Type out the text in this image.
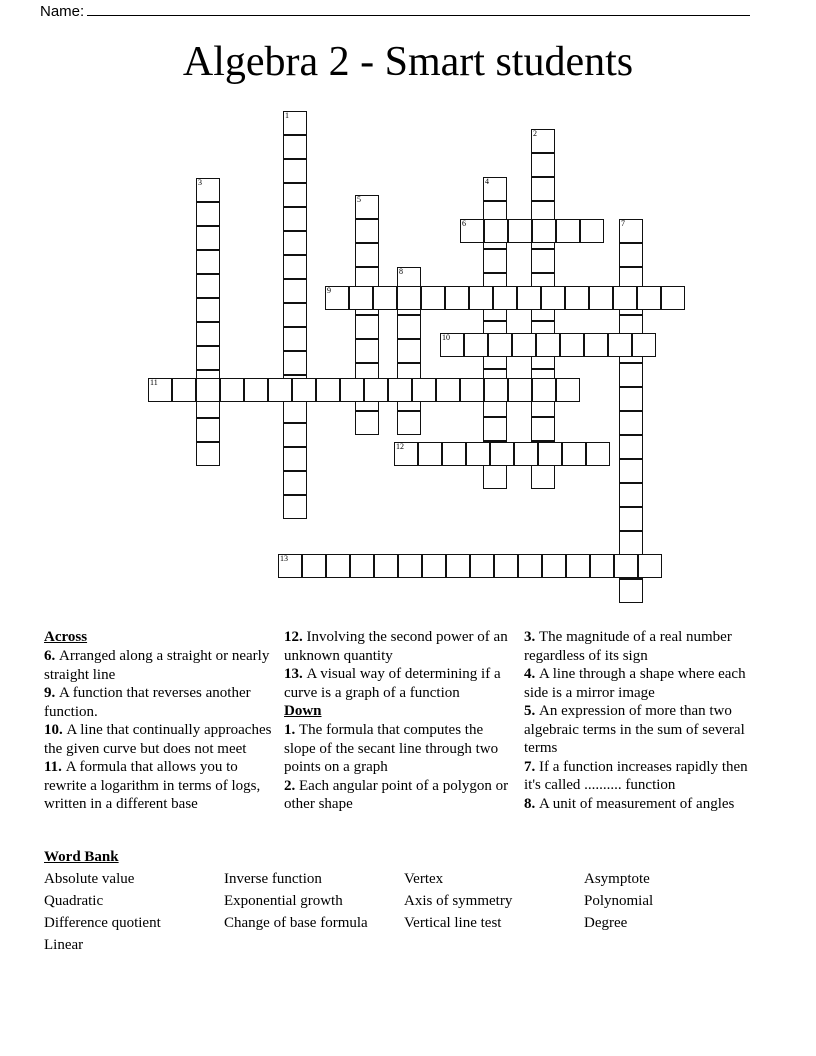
Name:
Algebra 2 - Smart students
1
2
3	4
5
6	7
8
9
10
11
12
13
Across

6. Arranged along a straight or nearly straight line

9. A function that reverses another function.

10. A line that continually approaches the given curve but does not meet

11. A formula that allows you to rewrite a logarithm in terms of logs, written in a different base

12. Involving the second power of an unknown quantity

13. A visual way of determining if a curve is a graph of a function

Down

1. The formula that computes the slope of the secant line through two points on a graph

2. Each angular point of a polygon or other shape

3. The magnitude of a real number regardless of its sign

4. A line through a shape where each side is a mirror image

5. An expression of more than two algebraic terms in the sum of several terms

7. If a function increases rapidly then it's called .......... function

8. A unit of measurement of angles

Word Bank
Absolute value	Inverse function	Vertex	Asymptote
Quadratic	Exponential growth	Axis of symmetry	Polynomial
Difference quotient	Change of base formula	Vertical line test	Degree
Linear
